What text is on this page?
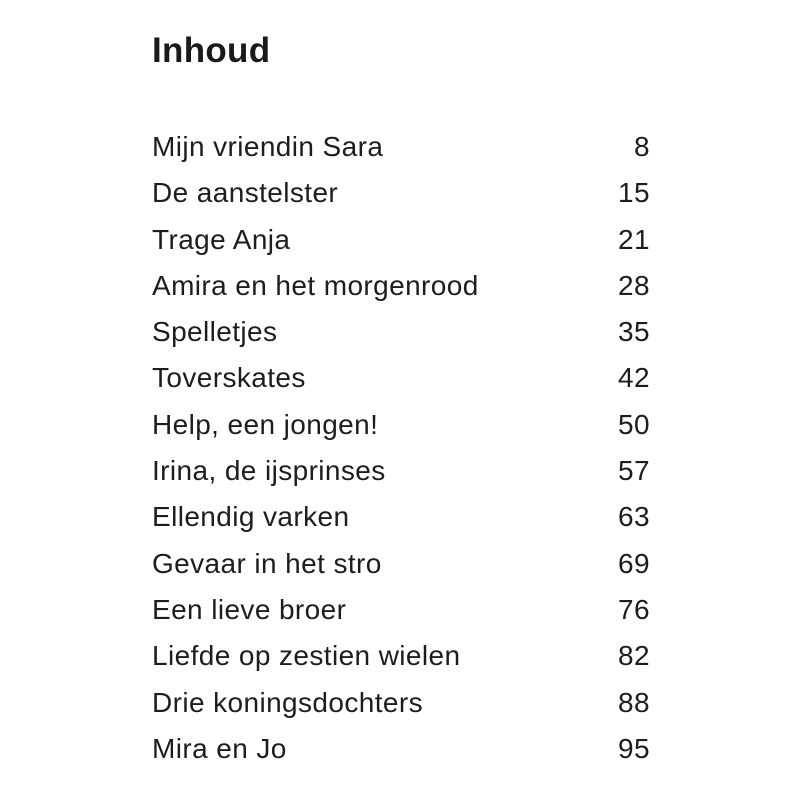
Inhoud
Mijn vriendin Sara	8
De aanstelster	15
Trage Anja	21
Amira en het morgenrood	28
Spelletjes	35
Toverskates	42
Help, een jongen!	50
Irina, de ijsprinses	57
Ellendig varken	63
Gevaar in het stro	69
Een lieve broer	76
Liefde op zestien wielen	82
Drie koningsdochters	88
Mira en Jo	95
